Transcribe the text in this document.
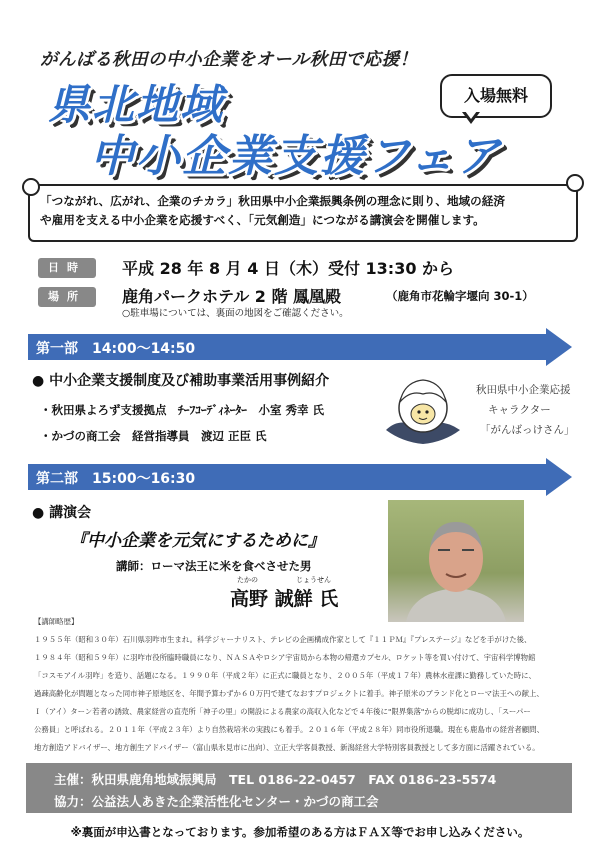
がんばる秋田の中小企業をオール秋田で応援！
県北地域
中小企業支援フェア
入場無料

「つながれ、広がれ、企業のチカラ」秋田県中小企業振興条例の理念に則り、地域の経済
や雇用を支える中小企業を応援すべく、「元気創造」につながる講演会を開催します。

日時	平成 28 年 8 月 4 日（木）受付 13:30 から
場所	鹿角パークホテル 2 階 鳳凰殿	（鹿角市花輪字堰向 30-1）
○駐車場については、裏面の地図をご確認ください。
第一部　14:00～14:50
● 中小企業支援制度及び補助事業活用事例紹介
・秋田県よろず支援拠点　ﾁｰﾌｺｰﾃﾞｨﾈｰﾀｰ　小室 秀幸 氏
・かづの商工会　経営指導員　渡辺 正臣 氏
秋田県中小企業応援
キャラクター
「がんばっけさん」
第二部　15:00～16:30
● 講演会
『中小企業を元気にするために』
講師：ローマ法王に米を食べさせた男
たかの	じょうせん
高野 誠鮮 氏
【講師略歴】
１９５５年（昭和３０年）石川県羽咋市生まれ。科学ジャーナリスト、テレビの企画構成作家として『１１ＰＭ』『プレステージ』などを手がけた後、
１９８４年（昭和５９年）に羽咋市役所臨時職員になり、ＮＡＳＡやロシア宇宙局から本物の帰還カプセル、ロケット等を買い付けて、宇宙科学博物館
「コスモアイル羽咋」を造り、話題になる。１９９０年（平成２年）に正式に職員となり、２００５年（平成１７年）農林水産課に勤務していた時に、
過疎高齢化が問題となった同市神子原地区を、年間予算わずか６０万円で建てなおすプロジェクトに着手。神子原米のブランド化とローマ法王への献上、
Ｉ（アイ）ターン若者の誘致、農家経営の直売所「神子の里」の開設による農家の高収入化などで４年後に"限界集落"からの脱却に成功し、「スーパー
公務員」と呼ばれる。２０１１年（平成２３年）より自然栽培米の実践にも着手。２０１６年（平成２８年）同市役所退職。現在も鹿島市の経営者顧問、
地方創造アドバイザー、地方創生アドバイザー（富山県氷見市に出向）、立正大学客員教授、新潟経営大学特別客員教授として多方面に活躍されている。
主催：秋田県鹿角地域振興局　TEL 0186-22-0457　FAX 0186-23-5574
協力：公益法人あきた企業活性化センター・かづの商工会
※裏面が申込書となっております。参加希望のある方はＦＡＸ等でお申し込みください。
